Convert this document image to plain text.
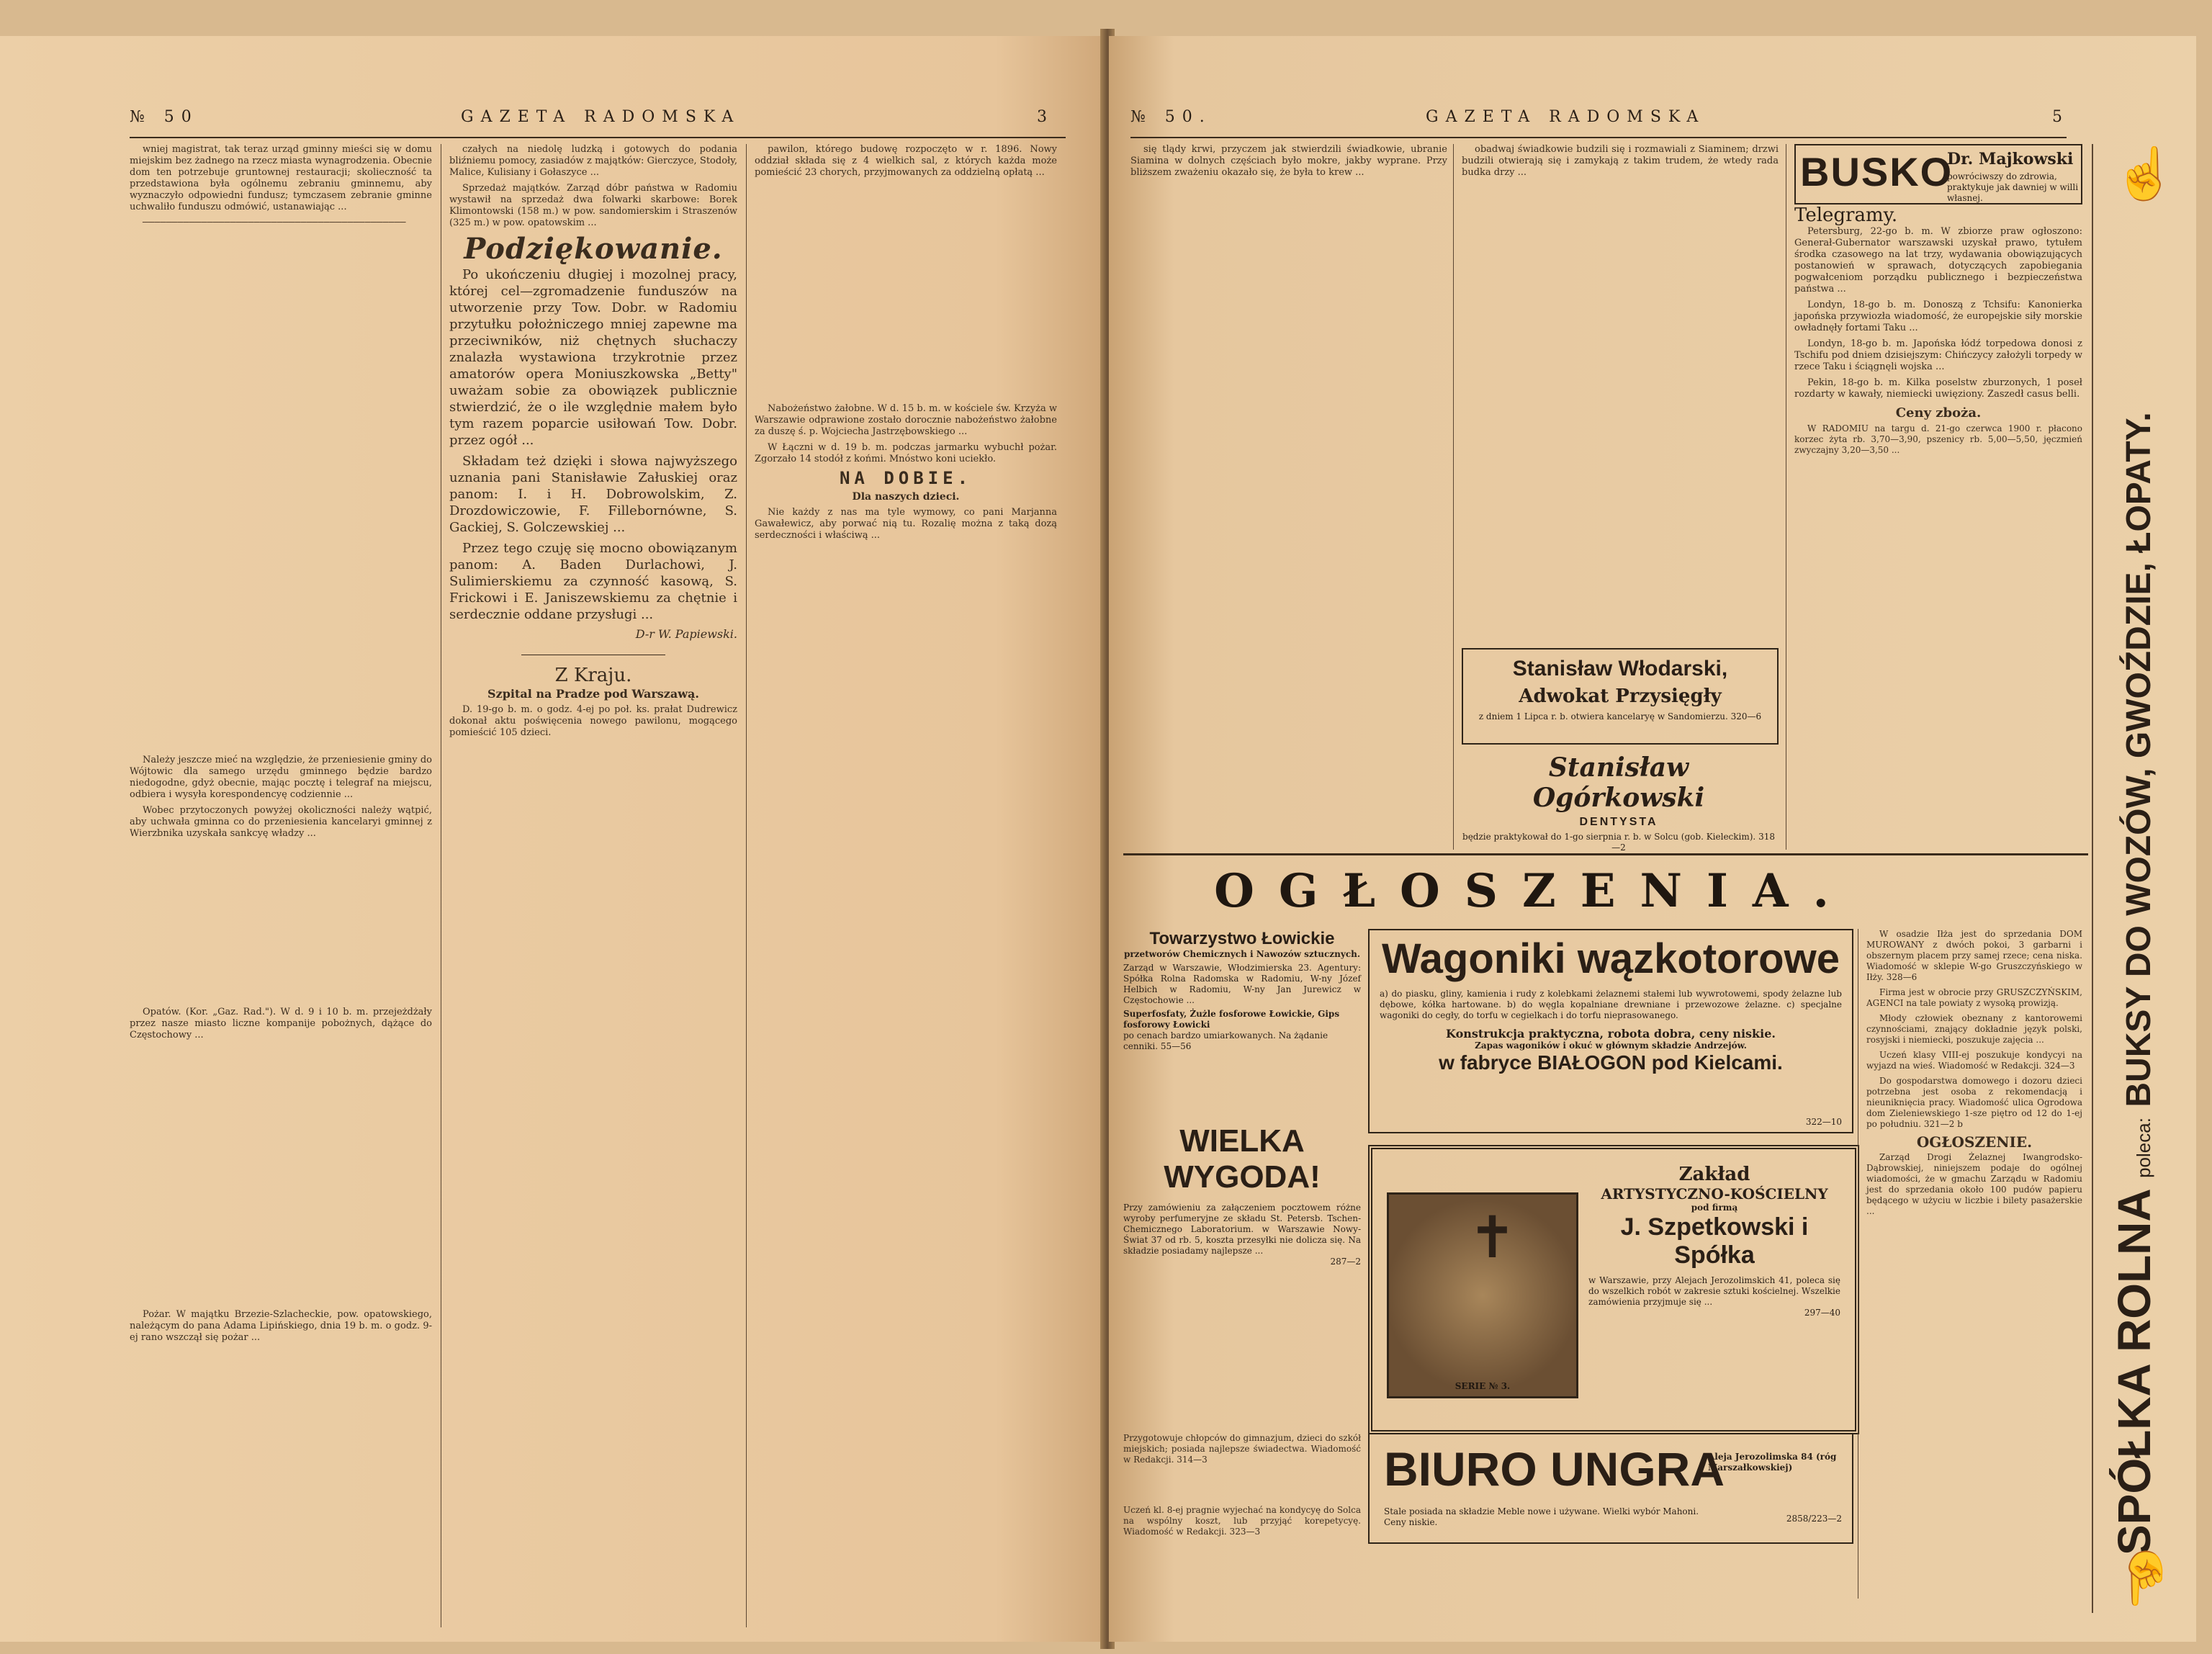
№ 50	GAZETA RADOMSKA	3

wniej magistrat, tak teraz urząd gminny mieści się w domu miejskim bez żadnego na rzecz miasta wynagrodzenia. Obecnie dom ten potrzebuje gruntownej restauracji; skolieczność ta przedstawiona była ogólnemu zebraniu gminnemu, aby wyznaczyło odpowiedni fundusz; tymczasem zebranie gminne uchwaliło funduszu odmówić, ustanawiając ...

─────────────────────────────────────────────

Należy jeszcze mieć na względzie, że przeniesienie gminy do Wójtowic dla samego urzędu gminnego będzie bardzo niedogodne, gdyż obecnie, mając pocztę i telegraf na miejscu, odbiera i wysyła korespondencyę codziennie ...

Wobec przytoczonych powyżej okoliczności należy wątpić, aby uchwała gminna co do przeniesienia kancelaryi gminnej z Wierzbnika uzyskała sankcyę władzy ...

Opatów. (Kor. „Gaz. Rad."). W d. 9 i 10 b. m. przejeżdżały przez nasze miasto liczne kompanije pobożnych, dążące do Częstochowy ...

Pożar. W majątku Brzezie-Szlacheckie, pow. opatowskiego, należącym do pana Adama Lipińskiego, dnia 19 b. m. o godz. 9-ej rano wszczął się pożar ...

czałych na niedolę ludzką i gotowych do podania bliźniemu pomocy, zasiadów z majątków: Gierczyce, Stodoły, Malice, Kulisiany i Gołaszyce ...

Sprzedaż majątków. Zarząd dóbr państwa w Radomiu wystawił na sprzedaż dwa folwarki skarbowe: Borek Klimontowski (158 m.) w pow. sandomierskim i Straszenów (325 m.) w pow. opatowskim ...

Podziękowanie.

Po ukończeniu długiej i mozolnej pracy, której cel—zgromadzenie funduszów na utworzenie przy Tow. Dobr. w Radomiu przytułku położniczego mniej zapewne ma przeciwników, niż chętnych słuchaczy znalazła wystawiona trzykrotnie przez amatorów opera Moniuszkowska „Betty" uważam sobie za obowiązek publicznie stwierdzić, że o ile względnie małem było tym razem poparcie usiłowań Tow. Dobr. przez ogół ...

Składam też dzięki i słowa najwyższego uznania pani Stanisławie Załuskiej oraz panom: I. i H. Dobrowolskim, Z. Drozdowiczowie, F. Fillebornówne, S. Gackiej, S. Golczewskiej ...

Przez tego czuję się mocno obowiązanym panom: A. Baden Durlachowi, J. Sulimierskiemu za czynność kasową, S. Frickowi i E. Janiszewskiemu za chętnie i serdecznie oddane przysługi ...

D-r W. Papiewski.
Z Kraju.
Szpital na Pradze pod Warszawą.

D. 19-go b. m. o godz. 4-ej po poł. ks. prałat Dudrewicz dokonał aktu poświęcenia nowego pawilonu, mogącego pomieścić 105 dzieci.

pawilon, którego budowę rozpoczęto w r. 1896. Nowy oddział składa się z 4 wielkich sal, z których każda może pomieścić 23 chorych, przyjmowanych za oddzielną opłatą ...

Nabożeństwo żałobne. W d. 15 b. m. w kościele św. Krzyża w Warszawie odprawione zostało dorocznie nabożeństwo żałobne za duszę ś. p. Wojciecha Jastrzębowskiego ...

W Łączni w d. 19 b. m. podczas jarmarku wybuchł pożar. Zgorzało 14 stodół z końmi. Mnóstwo koni uciekło.

NA DOBIE.
Dla naszych dzieci.

Nie każdy z nas ma tyle wymowy, co pani Marjanna Gawałewicz, aby porwać nią tu. Rozalię można z taką dozą serdeczności i właściwą ...

№ 50.	GAZETA RADOMSKA	5

się tlądy krwi, przyczem jak stwierdzili świadkowie, ubranie Siamina w dolnych częściach było mokre, jakby wyprane. Przy bliższem zważeniu okazało się, że była to krew ...

obadwaj świadkowie budzili się i rozmawiali z Siaminem; drzwi budzili otwierają się i zamykają z takim trudem, że wtedy rada budka drzy ...

Stanisław Włodarski,
Adwokat Przysięgły
z dniem 1 Lipca r. b. otwiera kancelaryę w Sandomierzu. 320—6
Stanisław Ogórkowski
DENTYSTA
będzie praktykował do 1-go sierpnia r. b. w Solcu (gob. Kieleckim). 318—2
BUSKO
Dr. Majkowski
powróciwszy do zdrowia, praktykuje jak dawniej w willi własnej.
Telegramy.

Petersburg, 22-go b. m. W zbiorze praw ogłoszono: Generał-Gubernator warszawski uzyskał prawo, tytułem środka czasowego na lat trzy, wydawania obowiązujących postanowień w sprawach, dotyczących zapobiegania pogwałceniom porządku publicznego i bezpieczeństwa państwa ...

Londyn, 18-go b. m. Donoszą z Tchsifu: Kanonierka japońska przywiozła wiadomość, że europejskie siły morskie owładnęły fortami Taku ...

Londyn, 18-go b. m. Japońska łódź torpedowa donosi z Tschifu pod dniem dzisiejszym: Chińczycy założyli torpedy w rzece Taku i ściągnęli wojska ...

Pekin, 18-go b. m. Kilka poselstw zburzonych, 1 poseł rozdarty w kawały, niemiecki uwięziony. Zaszedł casus belli.

Ceny zboża.

W RADOMIU na targu d. 21-go czerwca 1900 r. płacono korzec żyta rb. 3,70—3,90, pszenicy rb. 5,00—5,50, jęczmień zwyczajny 3,20—3,50 ...

OGŁOSZENIA.
Towarzystwo Łowickie
przetworów Chemicznych i Nawozów sztucznych.
Zarząd w Warszawie, Włodzimierska 23. Agentury: Spółka Rolna Radomska w Radomiu, W-ny Józef Helbich w Radomiu, W-ny Jan Jurewicz w Częstochowie ...
Superfosfaty, Żużle fosforowe Łowickie, Gips fosforowy Łowicki
po cenach bardzo umiarkowanych. Na żądanie cenniki. 55—56
Wagoniki wązkotorowe
a) do piasku, gliny, kamienia i rudy z kolebkami żelaznemi stałemi lub wywrotowemi, spody żelazne lub dębowe, kółka hartowane. b) do węgla kopalniane drewniane i przewozowe żelazne. c) specjalne wagoniki do cegły, do torfu w cegielkach i do torfu nieprasowanego.
Konstrukcja praktyczna, robota dobra, ceny niskie.
Zapas wagoników i okuć w głównym składzie Andrzejów.
w fabryce BIAŁOGON pod Kielcami.
322—10
WIELKA WYGODA!
Przy zamówieniu za załączeniem pocztowem różne wyroby perfumeryjne ze składu St. Petersb. Tschen-Chemicznego Laboratorium. w Warszawie Nowy-Świat 37 od rb. 5, koszta przesyłki nie dolicza się. Na składzie posiadamy najlepsze ...
287—2 ✝
SERIE № 3.
Zakład
ARTYSTYCZNO-KOŚCIELNY
pod firmą
J. Szpetkowski i Spółka
w Warszawie, przy Alejach Jerozolimskich 41, poleca się do wszelkich robót w zakresie sztuki kościelnej. Wszelkie zamówienia przyjmuje się ...
297—40
Przygotowuje chłopców do gimnazjum, dzieci do szkół miejskich; posiada najlepsze świadectwa. Wiadomość w Redakcji. 314—3
Uczeń kl. 8-ej pragnie wyjechać na kondycyę do Solca na wspólny koszt, lub przyjąć korepetycyę. Wiadomość w Redakcji. 323—3
BIURO UNGRA
Aleja Jerozolimska 84 (róg Marszałkowskiej)
Stale posiada na składzie Meble nowe i używane. Wielki wybór Mahoni. Ceny niskie.	2858/223—2

W osadzie Iłża jest do sprzedania DOM MUROWANY z dwóch pokoi, 3 garbarni i obszernym placem przy samej rzece; cena niska. Wiadomość w sklepie W-go Gruszczyńskiego w Iłży. 328—6

Firma jest w obrocie przy GRUSZCZYŃSKIM, AGENCI na tale powiaty z wysoką prowizją.

Młody człowiek obeznany z kantorowemi czynnościami, znający dokładnie język polski, rosyjski i niemiecki, poszukuje zajęcia ...

Uczeń klasy VIII-ej poszukuje kondycyi na wyjazd na wieś. Wiadomość w Redakcji. 324—3

Do gospodarstwa domowego i dozoru dzieci potrzebna jest osoba z rekomendacją i nieuniknięcia pracy. Wiadomość ulica Ogrodowa dom Zieleniewskiego 1-sze piętro od 12 do 1-ej po południu. 321—2 b

OGŁOSZENIE.

Zarząd Drogi Żelaznej Iwangrodsko-Dąbrowskiej, niniejszem podaje do ogólnej wiadomości, że w gmachu Zarządu w Radomiu jest do sprzedania około 100 pudów papieru będącego w użyciu w liczbie i bilety pasażerskie ...

☝
SPÓŁKA ROLNA poleca: BUKSY DO WOZÓW, GWOŹDZIE, ŁOPATY.
☝
